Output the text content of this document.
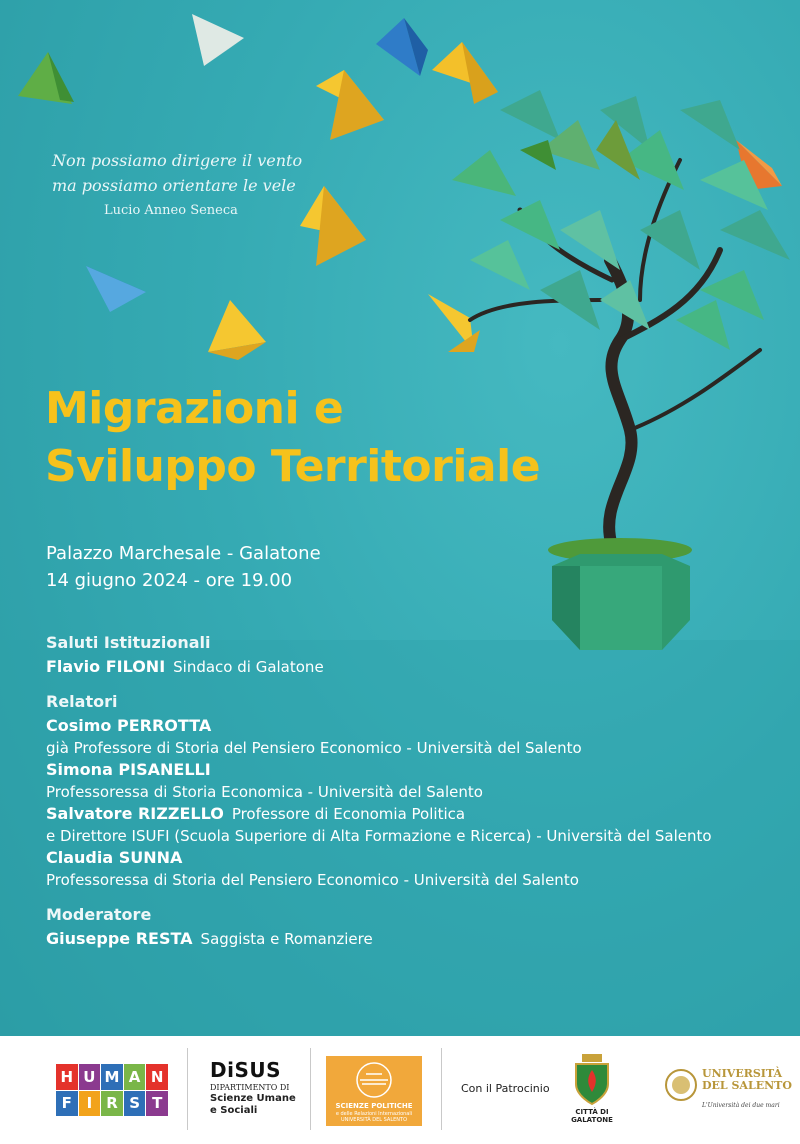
Non possiamo dirigere il vento
ma possiamo orientare le vele
Lucio Anneo Seneca
Migrazioni e
Sviluppo Territoriale
Palazzo Marchesale - Galatone
14 giugno 2024 - ore 19.00
Saluti Istituzionali
Flavio FILONI Sindaco di Galatone
Relatori
Cosimo PERROTTA
già Professore di Storia del Pensiero Economico - Università del Salento
Simona PISANELLI
Professoressa di Storia Economica - Università del Salento
Salvatore RIZZELLO Professore di Economia Politica
e Direttore ISUFI (Scuola Superiore di Alta Formazione e Ricerca) - Università del Salento
Claudia SUNNA
Professoressa di Storia del Pensiero Economico - Università del Salento
Moderatore
Giuseppe RESTA Saggista e Romanziere
H U M A N
F I R S T
DiSUS
DIPARTIMENTO DI
Scienze Umane
e Sociali	SCIENZE POLITICHE
e delle Relazioni Internazionali
UNIVERSITÀ DEL SALENTO
Con il Patrocinio
CITTÀ DI GALATONE
UNIVERSITÀ
DEL SALENTO
L'Università dei due mari
